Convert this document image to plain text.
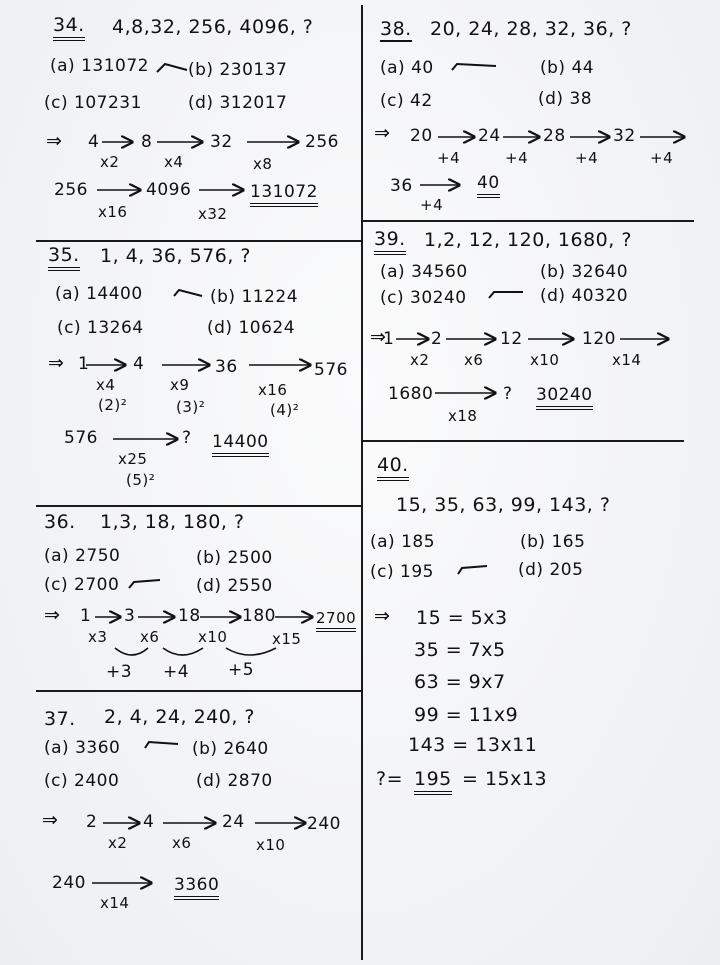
34. 4,8,32, 256, 4096, ?
(a) 131072 (b) 230137
(c) 107231	(d) 312017
⇒ 4 8	32	256
x2	x4	x8
256	4096	131072
x16	x32
35. 1, 4, 36, 576, ?
(a) 14400	(b) 11224
(c) 13264	(d) 10624
⇒ 1	4	36	576
x4	x9	x16
(2)²	(3)²	(4)²
576	? 14400
x25
(5)²
36. 1,3, 18, 180, ?
(a) 2750	(b) 2500
(c) 2700	(d) 2550
⇒ 1 3	18 180	2700
x3 x6	x10	x15
+3 +4 +5
37. 2, 4, 24, 240, ?
(a) 3360	(b) 2640
(c) 2400	(d) 2870
⇒ 2	4	24	240
x2	x6	x10
240	3360
x14
38. 20, 24, 28, 32, 36, ?
(a) 40	(b) 44
(c) 42	(d) 38
⇒ 20	24 28	32
+4	+4	+4	+4
36	40
+4
39. 1,2, 12, 120, 1680, ?
(a) 34560	(b) 32640
(c) 30240	(d) 40320
⇒
1 2	12	120
x2 x6	x10	x14
1680	? 30240
x18
40.
15, 35, 63, 99, 143, ?
(a) 185	(b) 165
(c) 195	(d) 205
⇒ 15 = 5x3
35 = 7x5
63 = 9x7
99 = 11x9
143 = 13x11
?= 195 = 15x13
